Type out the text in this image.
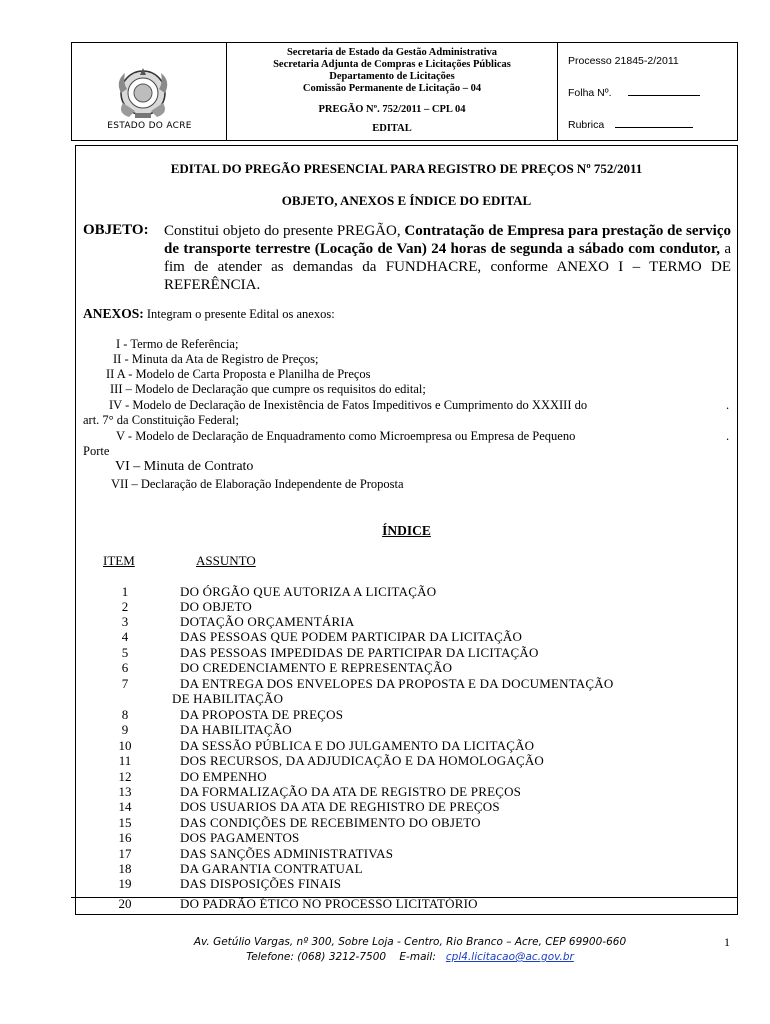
ESTADO DO ACRE
Secretaria de Estado da Gestão Administrativa
Secretaria Adjunta de Compras e Licitações Públicas
Departamento de Licitações
Comissão Permanente de Licitação – 04
PREGÃO Nº. 752/2011 – CPL 04
EDITAL
Processo 21845-2/2011
Folha Nº.
Rubrica
EDITAL DO PREGÃO PRESENCIAL PARA REGISTRO DE PREÇOS Nº 752/2011
OBJETO, ANEXOS E ÍNDICE DO EDITAL
OBJETO: Constitui objeto do presente PREGÃO, Contratação de Empresa para prestação de serviço de transporte terrestre (Locação de Van) 24 horas de segunda a sábado com condutor, a fim de atender as demandas da FUNDHACRE, conforme ANEXO I – TERMO DE REFERÊNCIA.
ANEXOS: Integram o presente Edital os anexos:
I - Termo de Referência;
II - Minuta da Ata de Registro de Preços;
II A - Modelo de Carta Proposta e Planilha de Preços
III – Modelo de Declaração que cumpre os requisitos do edital;
IV - Modelo de Declaração de Inexistência de Fatos Impeditivos e Cumprimento do XXXIII do	.
art. 7° da Constituição Federal;
V - Modelo de Declaração de Enquadramento como Microempresa ou Empresa de Pequeno	.
Porte
VI – Minuta de Contrato
VII – Declaração de Elaboração Independente de Proposta
ÍNDICE
ITEM	ASSUNTO
1	DO ÓRGÃO QUE AUTORIZA A LICITAÇÃO
2	DO OBJETO
3	DOTAÇÃO ORÇAMENTÁRIA
4	DAS PESSOAS QUE PODEM PARTICIPAR DA LICITAÇÃO
5	DAS PESSOAS IMPEDIDAS DE PARTICIPAR DA LICITAÇÃO
6	DO CREDENCIAMENTO E REPRESENTAÇÃO
7	DA ENTREGA DOS ENVELOPES DA PROPOSTA E DA DOCUMENTAÇÃO
DE HABILITAÇÃO
8	DA PROPOSTA DE PREÇOS
9	DA HABILITAÇÃO
10	DA SESSÃO PÚBLICA E DO JULGAMENTO DA LICITAÇÃO
11	DOS RECURSOS, DA ADJUDICAÇÃO E DA HOMOLOGAÇÃO
12	DO EMPENHO
13	DA FORMALIZAÇÃO DA ATA DE REGISTRO DE PREÇOS
14	DOS USUARIOS DA ATA DE REGHISTRO DE PREÇOS
15	DAS CONDIÇÕES DE RECEBIMENTO DO OBJETO
16	DOS PAGAMENTOS
17	DAS SANÇÕES ADMINISTRATIVAS
18	DA GARANTIA CONTRATUAL
19	DAS DISPOSIÇÕES FINAIS
20	DO PADRÃO ÉTICO NO PROCESSO LICITATÓRIO
Av. Getúlio Vargas, nº 300, Sobre Loja - Centro, Rio Branco – Acre, CEP 69900-660
Telefone: (068) 3212-7500 E-mail: cpl4.licitacao@ac.gov.br
1
